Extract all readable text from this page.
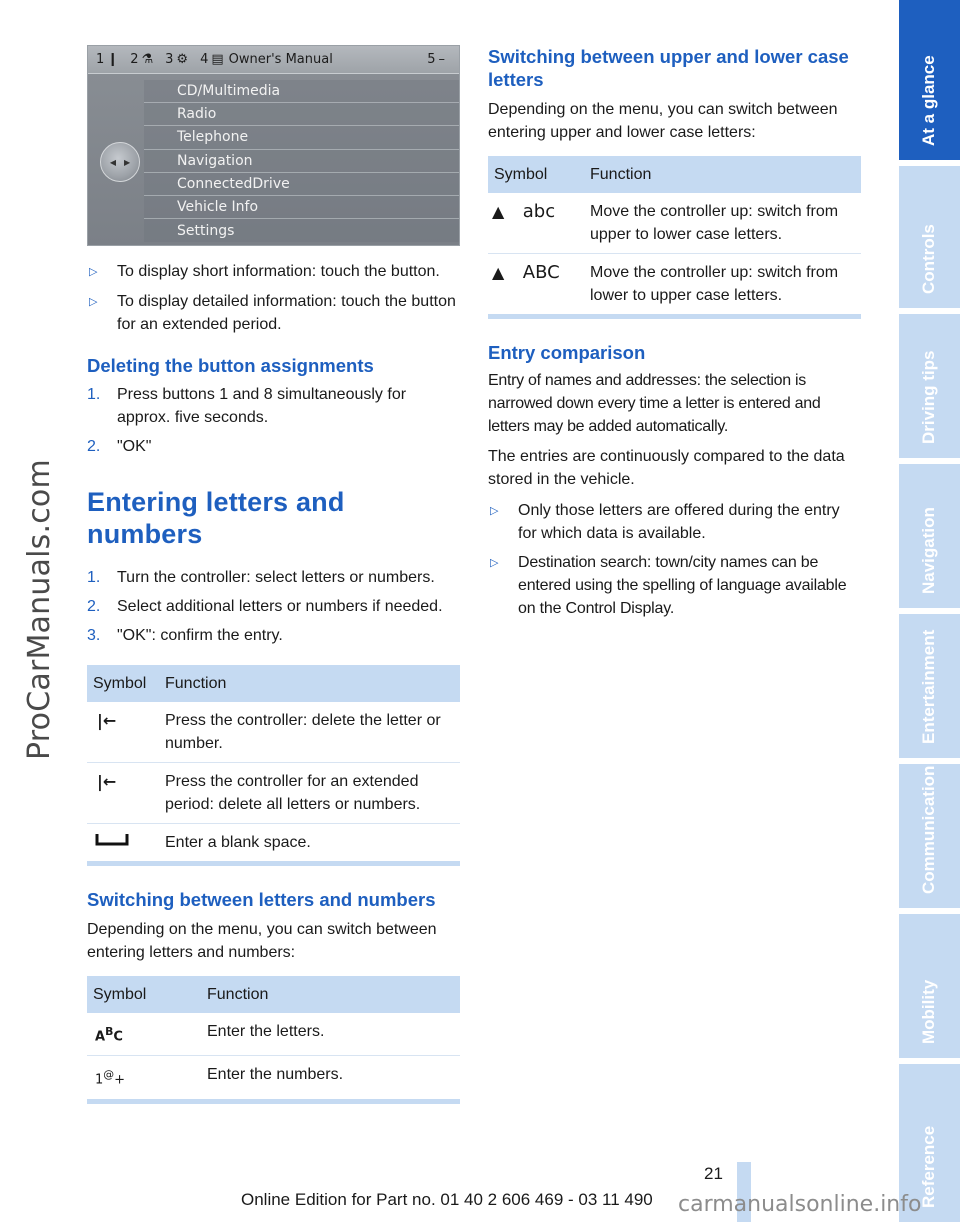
ProCarManuals.com
1 ❙ 2 ⚗ 3 ⚙ 4 ▤ Owner's Manual	5 –
◀ ▶
CD/Multimedia
Radio
Telephone
Navigation
ConnectedDrive
Vehicle Info
Settings
▷	To display short information: touch the button.
▷	To display detailed information: touch the button for an extended period.
Deleting the button assignments
1.	Press buttons 1 and 8 simultaneously for approx. five seconds.
2.	"OK"
Entering letters and numbers
1.	Turn the controller: select letters or numbers.
2.	Select additional letters or numbers if needed.
3.	"OK": confirm the entry.
Symbol	Function
|←	Press the controller: delete the letter or number.
|←	Press the controller for an extended period: delete all letters or numbers.
	Enter a blank space.

Switching between letters and numbers

Depending on the menu, you can switch between entering letters and numbers:

Symbol	Function
$A^BC$	Enter the letters.
1@+	Enter the numbers.

Switching between upper and lower case letters

Depending on the menu, you can switch between entering upper and lower case letters:

Symbol	Function
▲ abc	Move the controller up: switch from upper to lower case letters.
▲ ABC	Move the controller up: switch from lower to upper case letters.

Entry comparison

Entry of names and addresses: the selection is narrowed down every time a letter is entered and letters may be added automatically.

The entries are continuously compared to the data stored in the vehicle.

▷	Only those letters are offered during the entry for which data is available.
▷	Destination search: town/city names can be entered using the spelling of language available on the Control Display.
At a glance
Controls
Driving tips
Navigation
Entertainment
Communication
Mobility
Reference
21
Online Edition for Part no. 01 40 2 606 469 - 03 11 490 carmanualsonline.info
